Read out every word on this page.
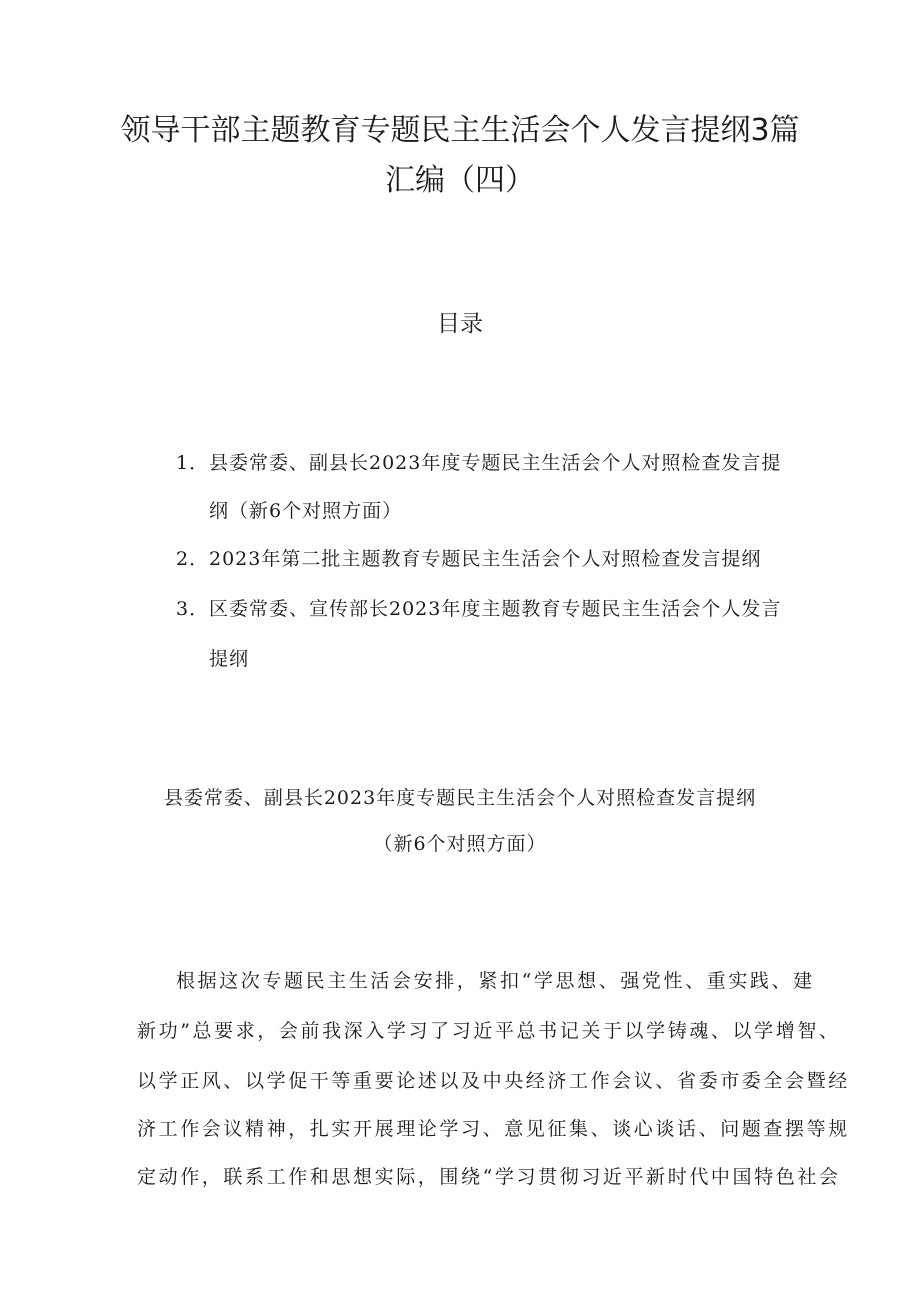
领导干部主题教育专题民主生活会个人发言提纲3篇
汇编（四）
目录
1． 县委常委、副县长2023年度专题民主生活会个人对照检查发言提
纲（新6个对照方面）
2． 2023年第二批主题教育专题民主生活会个人对照检查发言提纲
3． 区委常委、宣传部长2023年度主题教育专题民主生活会个人发言
提纲
县委常委、副县长2023年度专题民主生活会个人对照检查发言提纲
（新6个对照方面）
根据这次专题民主生活会安排，紧扣“学思想、强党性、重实践、建
新功”总要求，会前我深入学习了习近平总书记关于以学铸魂、以学增智、
以学正风、以学促干等重要论述以及中央经济工作会议、省委市委全会暨经
济工作会议精神，扎实开展理论学习、意见征集、谈心谈话、问题查摆等规
定动作，联系工作和思想实际，围绕“学习贯彻习近平新时代中国特色社会
